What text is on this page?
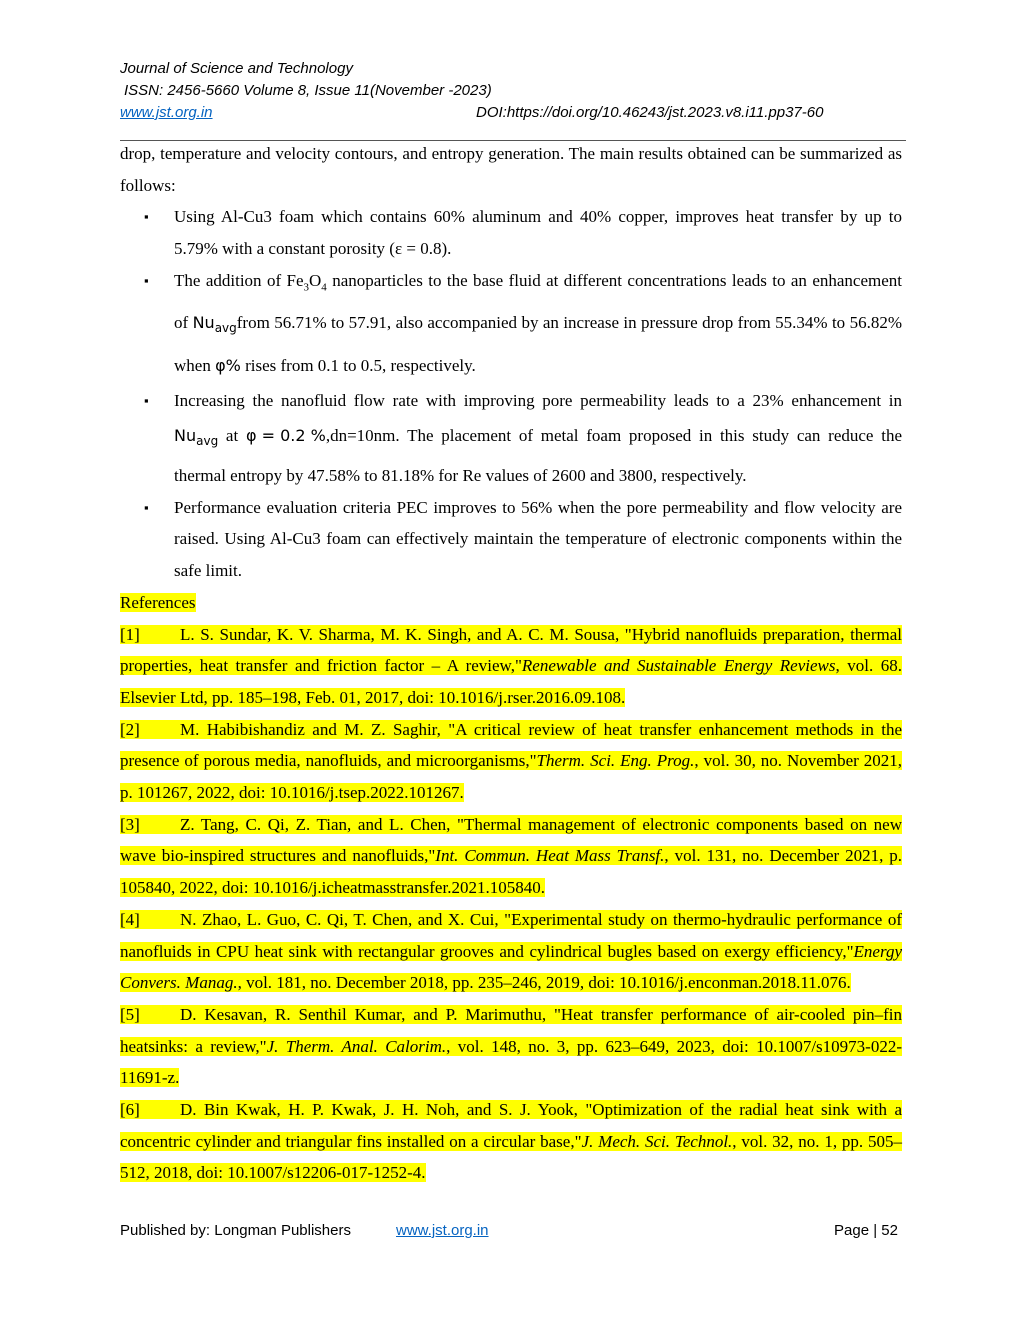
Journal of Science and Technology
ISSN: 2456-5660 Volume 8, Issue 11(November -2023)
www.jst.org.in	DOI:https://doi.org/10.46243/jst.2023.v8.i11.pp37-60
drop, temperature and velocity contours, and entropy generation. The main results obtained can be summarized as follows:
▪ Using Al-Cu3 foam which contains 60% aluminum and 40% copper, improves heat transfer by up to 5.79% with a constant porosity (ε = 0.8).
▪ The addition of $Fe_3O_4$ nanoparticles to the base fluid at different concentrations leads to an enhancement of $Nu_{avg}from$ 56.71% to 57.91, also accompanied by an increase in pressure drop from 55.34% to 56.82% when φ% rises from 0.1 to 0.5, respectively.
▪ Increasing the nanofluid flow rate with improving pore permeability leads to a 23% enhancement in $Nu_{avg}$ at φ = 0.2 %,dn=10nm. The placement of metal foam proposed in this study can reduce the thermal entropy by 47.58% to 81.18% for Re values of 2600 and 3800, respectively.
▪ Performance evaluation criteria PEC improves to 56% when the pore permeability and flow velocity are raised. Using Al-Cu3 foam can effectively maintain the temperature of electronic components within the safe limit.
References
[1] L. S. Sundar, K. V. Sharma, M. K. Singh, and A. C. M. Sousa, "Hybrid nanofluids preparation, thermal properties, heat transfer and friction factor – A review,"Renewable and Sustainable Energy Reviews, vol. 68. Elsevier Ltd, pp. 185–198, Feb. 01, 2017, doi: 10.1016/j.rser.2016.09.108.
[2] M. Habibishandiz and M. Z. Saghir, "A critical review of heat transfer enhancement methods in the presence of porous media, nanofluids, and microorganisms,"Therm. Sci. Eng. Prog., vol. 30, no. November 2021, p. 101267, 2022, doi: 10.1016/j.tsep.2022.101267.
[3] Z. Tang, C. Qi, Z. Tian, and L. Chen, "Thermal management of electronic components based on new wave bio-inspired structures and nanofluids,"Int. Commun. Heat Mass Transf., vol. 131, no. December 2021, p. 105840, 2022, doi: 10.1016/j.icheatmasstransfer.2021.105840.
[4] N. Zhao, L. Guo, C. Qi, T. Chen, and X. Cui, "Experimental study on thermo-hydraulic performance of nanofluids in CPU heat sink with rectangular grooves and cylindrical bugles based on exergy efficiency,"Energy Convers. Manag., vol. 181, no. December 2018, pp. 235–246, 2019, doi: 10.1016/j.enconman.2018.11.076.
[5] D. Kesavan, R. Senthil Kumar, and P. Marimuthu, "Heat transfer performance of air-cooled pin–fin heatsinks: a review,"J. Therm. Anal. Calorim., vol. 148, no. 3, pp. 623–649, 2023, doi: 10.1007/s10973-022-11691-z.
[6] D. Bin Kwak, H. P. Kwak, J. H. Noh, and S. J. Yook, "Optimization of the radial heat sink with a concentric cylinder and triangular fins installed on a circular base,"J. Mech. Sci. Technol., vol. 32, no. 1, pp. 505–512, 2018, doi: 10.1007/s12206-017-1252-4.
Published by: Longman Publishers	www.jst.org.in	Page | 52
